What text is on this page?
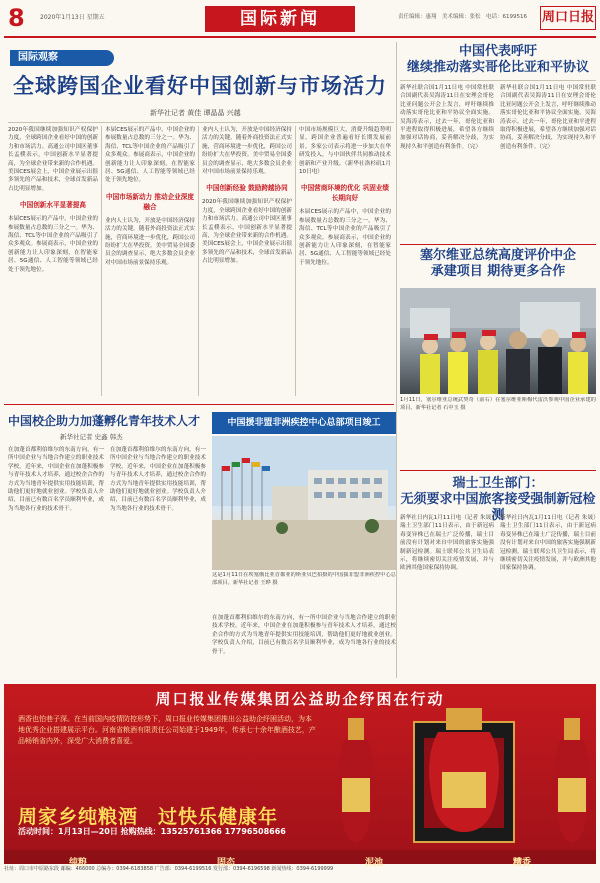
8	2020年1月13日 星期五	国际新闻	责任编辑：惠翔　美术编辑：张松　电话：6199516 周口日报
国际观察
全球跨国企业看好中国创新与市场活力
新华社记者 黄佳 谭晶晶 兴越
2020年我国继续加强知识产权保护力度，全球跨国企业看好中国的创新力和市场活力。高通公司中国区董事长孟樸表示，中国创新水平显著提高，为全球企业带来新的合作机遇。美国CES展会上，中国企业展示出很多领先的产品和技术，全球首发新品占比明显增加。
中国创新水平显著提高
本届CES展示的产品中，中国企业的参展数量占总数的三分之一。华为、海信、TCL等中国企业的产品吸引了众多观众。参展商表示，中国企业的创新能力让人印象深刻，在智能家居、5G通信、人工智能等领域已经处于领先地位。
本届CES展示的产品中，中国企业的参展数量占总数的三分之一。华为、海信、TCL等中国企业的产品吸引了众多观众。参展商表示，中国企业的创新能力让人印象深刻，在智能家居、5G通信、人工智能等领域已经处于领先地位。
中国市场新动力 推动企业深度融合
业内人士认为，开放是中国经济保持活力的关键。随着外商投资法正式实施，营商环境进一步优化，跨国公司纷纷扩大在华投资。美中贸易全国委员会的调查显示，绝大多数会员企业对中国市场前景保持乐观。
业内人士认为，开放是中国经济保持活力的关键。随着外商投资法正式实施，营商环境进一步优化，跨国公司纷纷扩大在华投资。美中贸易全国委员会的调查显示，绝大多数会员企业对中国市场前景保持乐观。
中国创新经验 鼓励跨越协同
2020年我国继续加强知识产权保护力度，全球跨国企业看好中国的创新力和市场活力。高通公司中国区董事长孟樸表示，中国创新水平显著提高，为全球企业带来新的合作机遇。美国CES展会上，中国企业展示出很多领先的产品和技术，全球首发新品占比明显增加。
中国市场规模巨大，消费升级趋势明显，跨国企业普遍看好长期发展前景。多家公司表示将进一步加大在华研发投入，与中国伙伴共同推动技术创新和产业升级。（新华社洛杉矶1月10日电）
中国营商环境的优化 巩固业绩长期向好
本届CES展示的产品中，中国企业的参展数量占总数的三分之一。华为、海信、TCL等中国企业的产品吸引了众多观众。参展商表示，中国企业的创新能力让人印象深刻，在智能家居、5G通信、人工智能等领域已经处于领先地位。
中国代表呼吁
继续推动落实哥伦比亚和平协议
新华社联合国1月11日电 中国常驻联合国副代表吴海涛11日在安理会哥伦比亚问题公开会上发言，呼吁继续推动落实哥伦比亚和平协议全面实施。吴海涛表示，过去一年，哥伦比亚和平进程取得积极进展，希望各方继续加强对话协商，妥善解决分歧，为实现持久和平创造有利条件。（完）
新华社联合国1月11日电 中国常驻联合国副代表吴海涛11日在安理会哥伦比亚问题公开会上发言，呼吁继续推动落实哥伦比亚和平协议全面实施。吴海涛表示，过去一年，哥伦比亚和平进程取得积极进展，希望各方继续加强对话协商，妥善解决分歧，为实现持久和平创造有利条件。（完）
塞尔维亚总统高度评价中企
承建项目 期待更多合作
1月11日，塞尔维亚总统武契奇（前右）在塞尔维亚斯梅代雷沃参观中国企业承建的项目。新华社记者 石中玉 摄
瑞士卫生部门：
无须要求中国旅客接受强制新冠检测
新华社日内瓦1月11日电（记者 朱晟）瑞士卫生部门11日表示，由于新冠病毒变异株已在瑞士广泛传播，瑞士目前没有计划对来自中国的旅客实施强制新冠检测。瑞士联邦公共卫生局表示，将继续密切关注疫情发展，并与欧洲其他国家保持协调。
新华社日内瓦1月11日电（记者 朱晟）瑞士卫生部门11日表示，由于新冠病毒变异株已在瑞士广泛传播，瑞士目前没有计划对来自中国的旅客实施强制新冠检测。瑞士联邦公共卫生局表示，将继续密切关注疫情发展，并与欧洲其他国家保持协调。
中国校企助力加蓬孵化青年技术人才
新华社记者 史鑫 韩杰
在加蓬首都利伯维尔的东南方向，有一所中国企业与当地合作建立的职业技术学校。近年来，中国企业在加蓬积极参与青年技术人才培养，通过校企合作的方式为当地青年提供实用技能培训，帮助他们更好地就业创业。学校负责人介绍，目前已有数百名学员顺利毕业，成为当地各行业的技术骨干。
在加蓬首都利伯维尔的东南方向，有一所中国企业与当地合作建立的职业技术学校。近年来，中国企业在加蓬积极参与青年技术人才培养，通过校企合作的方式为当地青年提供实用技能培训，帮助他们更好地就业创业。学校负责人介绍，目前已有数百名学员顺利毕业，成为当地各行业的技术骨干。
中国援非盟非洲疾控中心总部项目竣工
这是1月11日在埃塞俄比亚首都亚的斯亚贝巴拍摄的中国援非盟非洲疾控中心总部项目。新华社记者 王晔 摄
在加蓬首都利伯维尔的东南方向，有一所中国企业与当地合作建立的职业技术学校。近年来，中国企业在加蓬积极参与青年技术人才培养，通过校企合作的方式为当地青年提供实用技能培训，帮助他们更好地就业创业。学校负责人介绍，目前已有数百名学员顺利毕业，成为当地各行业的技术骨干。
周口报业传媒集团公益助企纾困在行动
酒香也怕巷子深。在当前国内疫情防控形势下，周口报业传媒集团推出公益助企纾困活动，为本地优秀企业搭建展示平台。河南省粮酒有限责任公司始建于1949年，传承七十余年酿酒技艺，产品畅销省内外，深受广大消费者喜爱。
周家乡纯粮酒　过快乐健康年
活动时间：1月13日—20日 抢购热线：13525761366 17796508666
纯粮	固态	泥池	糟香
社址：周口市中原路东段 邮编：466000 总编办：0394-6183858 广告部：0394-6199516 发行部：0394-6196598 新闻热线：0394-6199999
